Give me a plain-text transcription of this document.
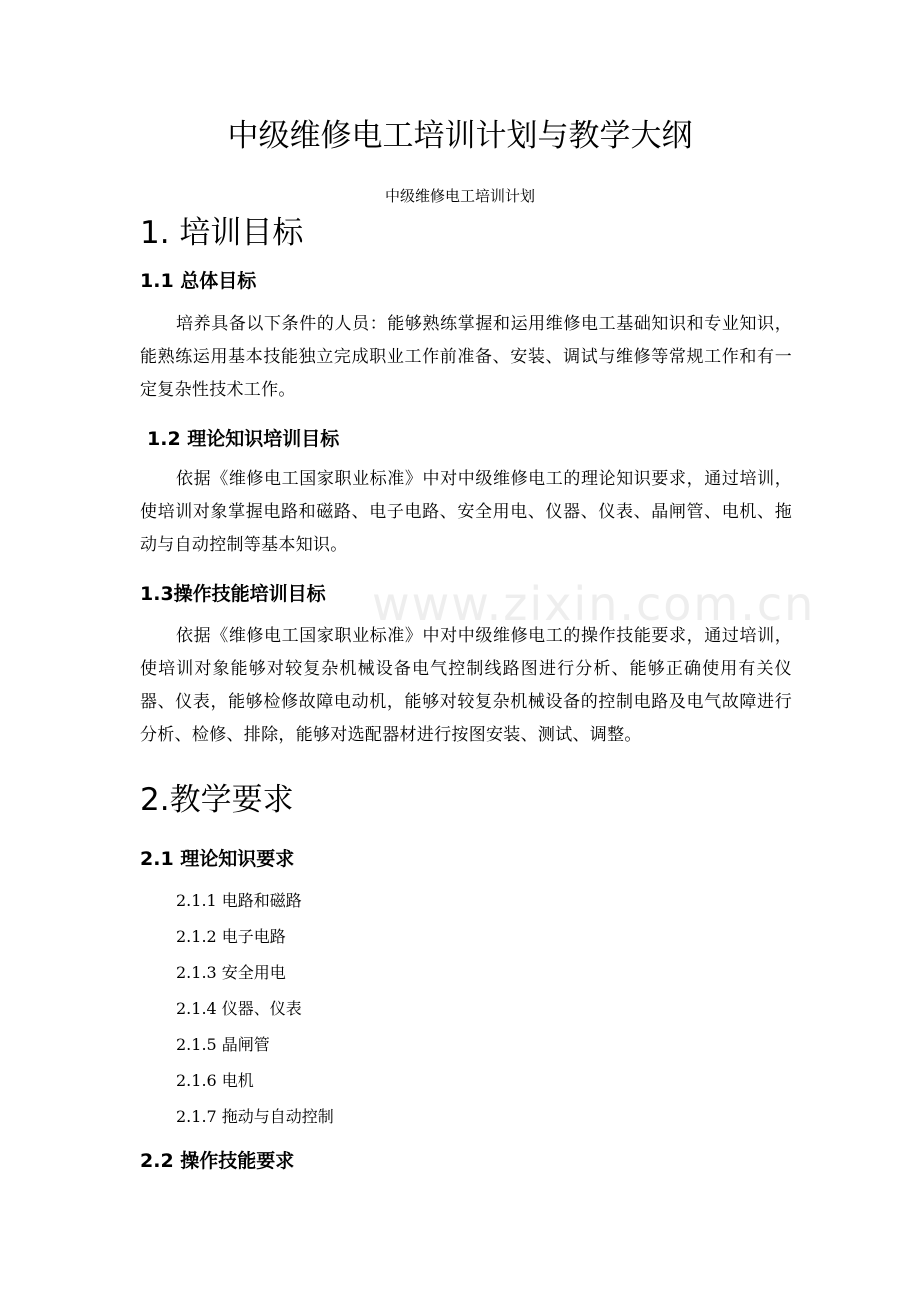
www.zixin.com.cn
中级维修电工培训计划与教学大纲
中级维修电工培训计划
1. 培训目标
1.1 总体目标
培养具备以下条件的人员：能够熟练掌握和运用维修电工基础知识和专业知识，能熟练运用基本技能独立完成职业工作前准备、安装、调试与维修等常规工作和有一定复杂性技术工作。
1.2 理论知识培训目标
依据《维修电工国家职业标准》中对中级维修电工的理论知识要求，通过培训，使培训对象掌握电路和磁路、电子电路、安全用电、仪器、仪表、晶闸管、电机、拖动与自动控制等基本知识。
1.3操作技能培训目标
依据《维修电工国家职业标准》中对中级维修电工的操作技能要求，通过培训，使培训对象能够对较复杂机械设备电气控制线路图进行分析、能够正确使用有关仪器、仪表，能够检修故障电动机，能够对较复杂机械设备的控制电路及电气故障进行分析、检修、排除，能够对选配器材进行按图安装、测试、调整。
2.教学要求
2.1 理论知识要求
2.1.1 电路和磁路
2.1.2 电子电路
2.1.3 安全用电
2.1.4 仪器、仪表
2.1.5 晶闸管
2.1.6 电机
2.1.7 拖动与自动控制
2.2 操作技能要求
